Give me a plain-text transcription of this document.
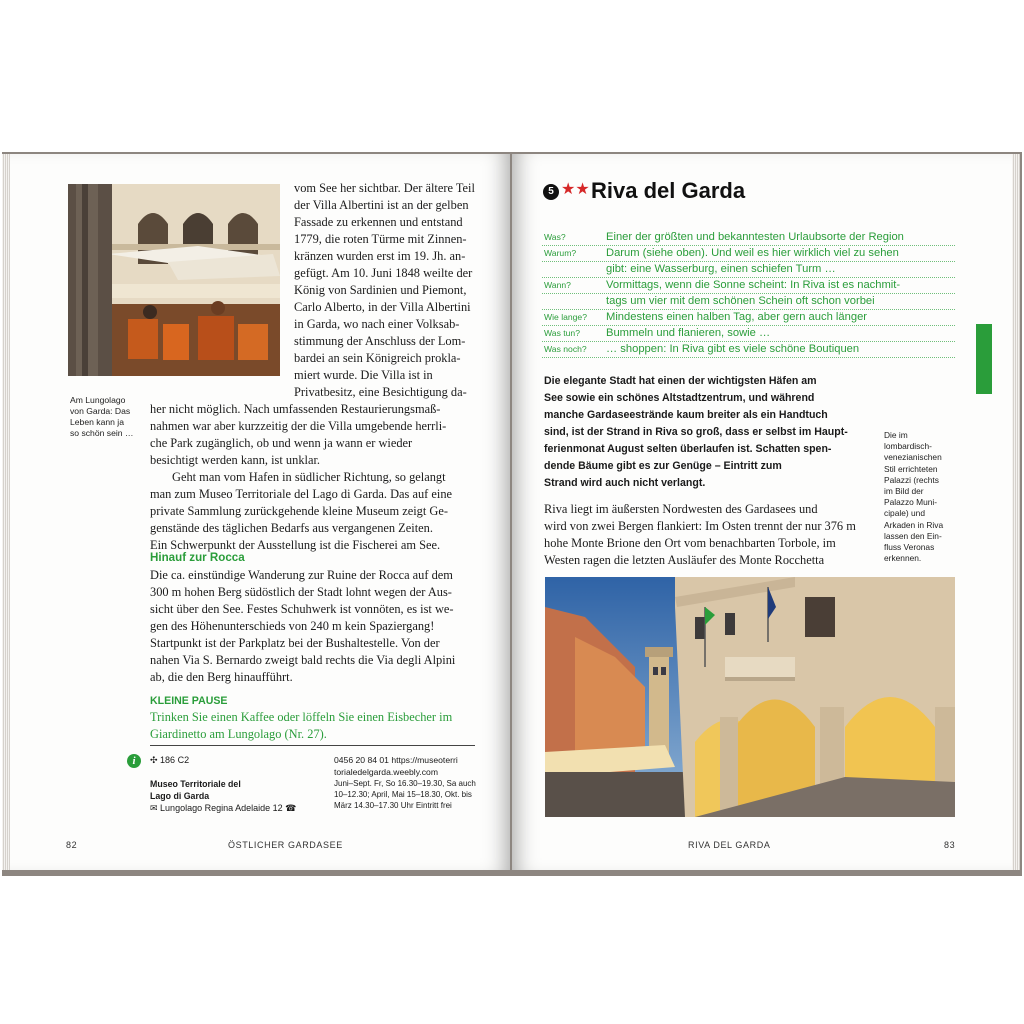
Am Lungolago
von Garda: Das
Leben kann ja
so schön sein …
vom See her sichtbar. Der ältere Teil
der Villa Albertini ist an der gelben
Fassade zu erkennen und entstand
1779, die roten Türme mit Zinnen-
kränzen wurden erst im 19. Jh. an-
gefügt. Am 10. Juni 1848 weilte der
König von Sardinien und Piemont,
Carlo Alberto, in der Villa Albertini
in Garda, wo nach einer Volksab-
stimmung der Anschluss der Lom-
bardei an sein Königreich prokla-
miert wurde. Die Villa ist in
Privatbesitz, eine Besichtigung da-
her nicht möglich. Nach umfassenden Restaurierungsmaß-
nahmen war aber kurzzeitig der die Villa umgebende herrli-
che Park zugänglich, ob und wenn ja wann er wieder
besichtigt werden kann, ist unklar.
Geht man vom Hafen in südlicher Richtung, so gelangt
man zum Museo Territoriale del Lago di Garda. Das auf eine
private Sammlung zurückgehende kleine Museum zeigt Ge-
genstände des täglichen Bedarfs aus vergangenen Zeiten.
Ein Schwerpunkt der Ausstellung ist die Fischerei am See.
Hinauf zur Rocca
Die ca. einstündige Wanderung zur Ruine der Rocca auf dem
300 m hohen Berg südöstlich der Stadt lohnt wegen der Aus-
sicht über den See. Festes Schuhwerk ist vonnöten, es ist we-
gen des Höhenunterschieds von 240 m kein Spaziergang!
Startpunkt ist der Parkplatz bei der Bushaltestelle. Von der
nahen Via S. Bernardo zweigt bald rechts die Via degli Alpini
ab, die den Berg hinaufführt.
KLEINE PAUSE
Trinken Sie einen Kaffee oder löffeln Sie einen Eisbecher im
Giardinetto am Lungolago (Nr. 27).
i	✣ 186 C2
Museo Territoriale del
Lago di Garda
✉ Lungolago Regina Adelaide 12 ☎
0456 20 84 01 https://museoterri
torialedelgarda.weebly.com
Juni–Sept. Fr, So 16.30–19.30, Sa auch
10–12.30; April, Mai 15–18.30, Okt. bis
März 14.30–17.30 Uhr Eintritt frei
82	ÖSTLICHER GARDASEE
5 ★★ Riva del Garda
Was?	Einer der größten und bekanntesten Urlaubsorte der Region
Warum?	Darum (siehe oben). Und weil es hier wirklich viel zu sehen
gibt: eine Wasserburg, einen schiefen Turm …
Wann?	Vormittags, wenn die Sonne scheint: In Riva ist es nachmit-
tags um vier mit dem schönen Schein oft schon vorbei
Wie lange? Mindestens einen halben Tag, aber gern auch länger
Was tun? Bummeln und flanieren, sowie …
Was noch? … shoppen: In Riva gibt es viele schöne Boutiquen
Die elegante Stadt hat einen der wichtigsten Häfen am
See sowie ein schönes Altstadtzentrum, und während
manche Gardaseestrände kaum breiter als ein Handtuch
sind, ist der Strand in Riva so groß, dass er selbst im Haupt-
ferienmonat August selten überlaufen ist. Schatten spen-
dende Bäume gibt es zur Genüge – Eintritt zum
Strand wird auch nicht verlangt.
Riva liegt im äußersten Nordwesten des Gardasees und
wird von zwei Bergen flankiert: Im Osten trennt der nur 376 m
hohe Monte Brione den Ort vom benachbarten Torbole, im
Westen ragen die letzten Ausläufer des Monte Rocchetta
Die im
lombardisch-
venezianischen
Stil errichteten
Palazzi (rechts
im Bild der
Palazzo Muni-
cipale) und
Arkaden in Riva
lassen den Ein-
fluss Veronas
erkennen.
RIVA DEL GARDA	83
